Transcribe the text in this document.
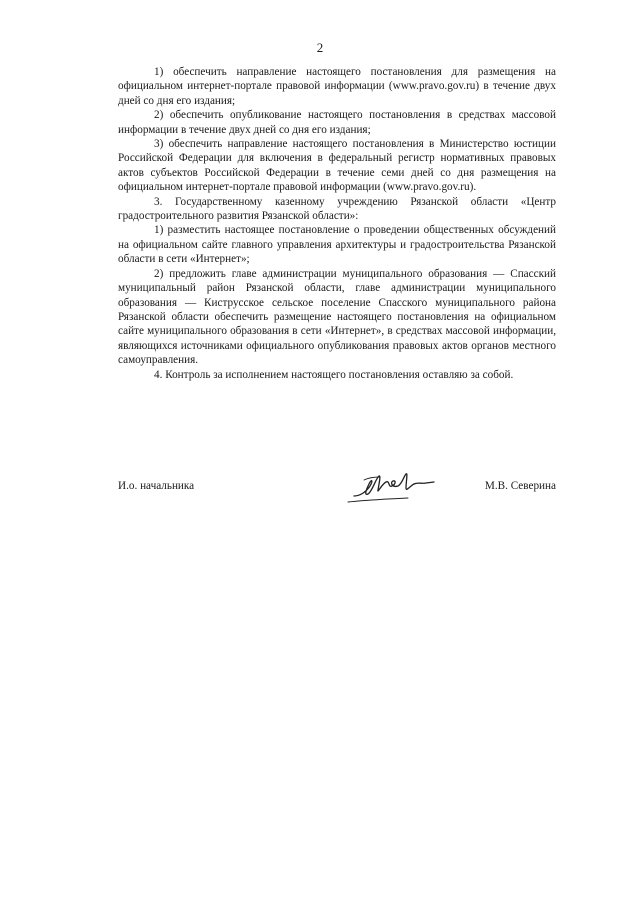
2

1) обеспечить направление настоящего постановления для размещения на официальном интернет-портале правовой информации (www.pravo.gov.ru) в течение двух дней со дня его издания;

2) обеспечить опубликование настоящего постановления в средствах массовой информации в течение двух дней со дня его издания;

3) обеспечить направление настоящего постановления в Министерство юстиции Российской Федерации для включения в федеральный регистр нормативных правовых актов субъектов Российской Федерации в течение семи дней со дня размещения на официальном интернет-портале правовой информации (www.pravo.gov.ru).

3. Государственному казенному учреждению Рязанской области «Центр градостроительного развития Рязанской области»:

1) разместить настоящее постановление о проведении общественных обсуждений на официальном сайте главного управления архитектуры и градостроительства Рязанской области в сети «Интернет»;

2) предложить главе администрации муниципального образования — Спасский муниципальный район Рязанской области, главе администрации муниципального образования — Киструсское сельское поселение Спасского муниципального района Рязанской области обеспечить размещение настоящего постановления на официальном сайте муниципального образования в сети «Интернет», в средствах массовой информации, являющихся источниками официального опубликования правовых актов органов местного самоуправления.

4. Контроль за исполнением настоящего постановления оставляю за собой.

И.о. начальника	М.В. Северина
